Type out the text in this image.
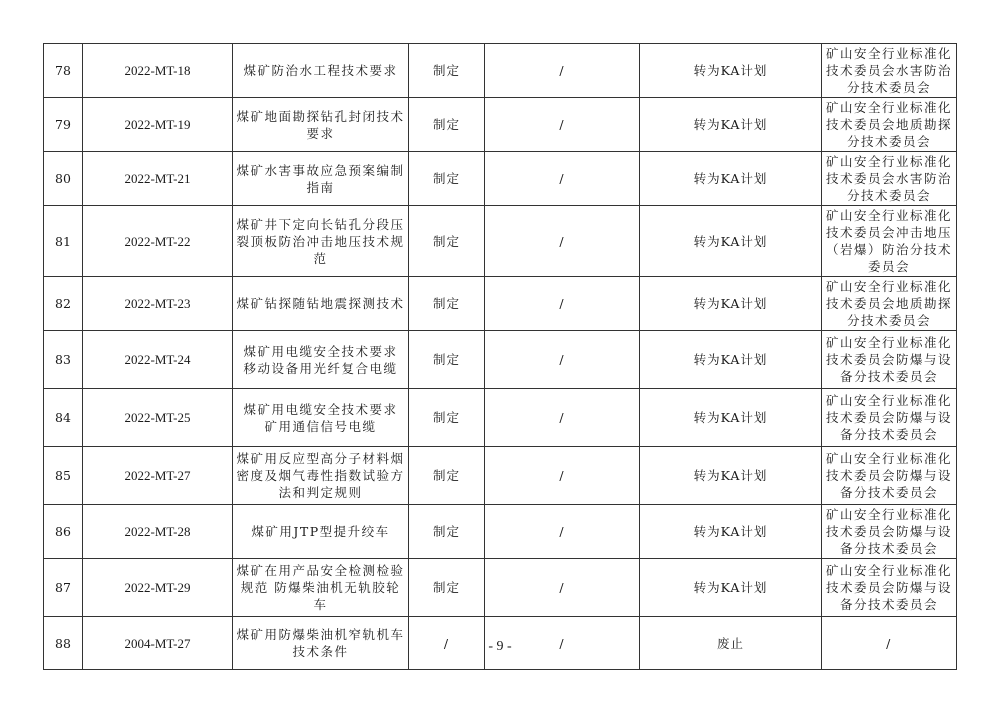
78	2022-MT-18	煤矿防治水工程技术要求	制定	/	转为KA计划	矿山安全行业标准化技术委员会水害防治分技术委员会
79	2022-MT-19	煤矿地面勘探钻孔封闭技术要求	制定	/	转为KA计划	矿山安全行业标准化技术委员会地质勘探分技术委员会
80	2022-MT-21	煤矿水害事故应急预案编制指南	制定	/	转为KA计划	矿山安全行业标准化技术委员会水害防治分技术委员会
81	2022-MT-22	煤矿井下定向长钻孔分段压裂顶板防治冲击地压技术规范	制定	/	转为KA计划	矿山安全行业标准化技术委员会冲击地压（岩爆）防治分技术委员会
82	2022-MT-23	煤矿钻探随钻地震探测技术	制定	/	转为KA计划	矿山安全行业标准化技术委员会地质勘探分技术委员会
83	2022-MT-24	煤矿用电缆安全技术要求 移动设备用光纤复合电缆	制定	/	转为KA计划	矿山安全行业标准化技术委员会防爆与设备分技术委员会
84	2022-MT-25	煤矿用电缆安全技术要求 矿用通信信号电缆	制定	/	转为KA计划	矿山安全行业标准化技术委员会防爆与设备分技术委员会
85	2022-MT-27	煤矿用反应型高分子材料烟密度及烟气毒性指数试验方法和判定规则	制定	/	转为KA计划	矿山安全行业标准化技术委员会防爆与设备分技术委员会
86	2022-MT-28	煤矿用JTP型提升绞车	制定	/	转为KA计划	矿山安全行业标准化技术委员会防爆与设备分技术委员会
87	2022-MT-29	煤矿在用产品安全检测检验规范 防爆柴油机无轨胶轮车	制定	/	转为KA计划	矿山安全行业标准化技术委员会防爆与设备分技术委员会
88	2004-MT-27	煤矿用防爆柴油机窄轨机车技术条件	/	/	废止	/
- 9 -
